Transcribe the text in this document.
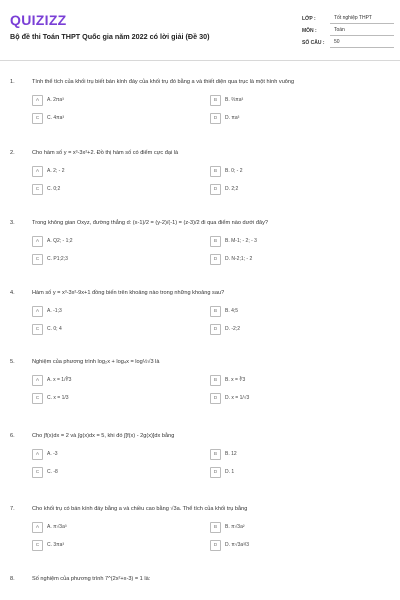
QUIZIZZ
Bộ đề thi Toán THPT Quốc gia năm 2022 có lời giải (Đề 30)
LỚP :	Tốt nghiệp THPT
MÔN :	Toán
SỐ CÂU :	50
1.	Tính thể tích của khối trụ biết bán kính đáy của khối trụ đó bằng a và thiết diện qua trục là một hình vuông
A	A. 2πa³	B	B. ⅔πa³
C	C. 4πa³	D	D. πa³
2.	Cho hàm số y = x³-3x²+2. Đồ thị hàm số có điểm cực đại là
A	A. 2; - 2	B	B. 0; - 2
C	C. 0;2	D	D. 2;2
3.	Trong không gian Oxyz, đường thẳng d: (x-1)/2 = (y-2)/(-1) = (z-3)/2 đi qua điểm nào dưới đây?
A	A. Q2; - 1;2	B	B. M-1; - 2; - 3
C	C. P1;2;3	D	D. N-2;1; - 2
4.	Hàm số y = x³-3x²-9x+1 đồng biến trên khoảng nào trong những khoảng sau?
A	A. -1;3	B	B. 4;5
C	C. 0; 4	D	D. -2;2
5.	Nghiệm của phương trình log₂x + log₄x = log½√3 là
A	A. x = 1/∛3	B	B. x = ∛3
C	C. x = 1/3	D	D. x = 1/√3
6.	Cho ∫f(x)dx = 2 và ∫g(x)dx = 5, khi đó ∫[f(x) - 2g(x)]dx bằng
A	A. -3	B	B. 12
C	C. -8	D	D. 1
7.	Cho khối trụ có bán kính đáy bằng a và chiều cao bằng √3a. Thể tích của khối trụ bằng
A	A. π√3a³	B	B. π√3a²
C	C. 3πa³	D	D. π√3a³/3
8.	Số nghiệm của phương trình 7^(2x²+x-3) = 1 là:
